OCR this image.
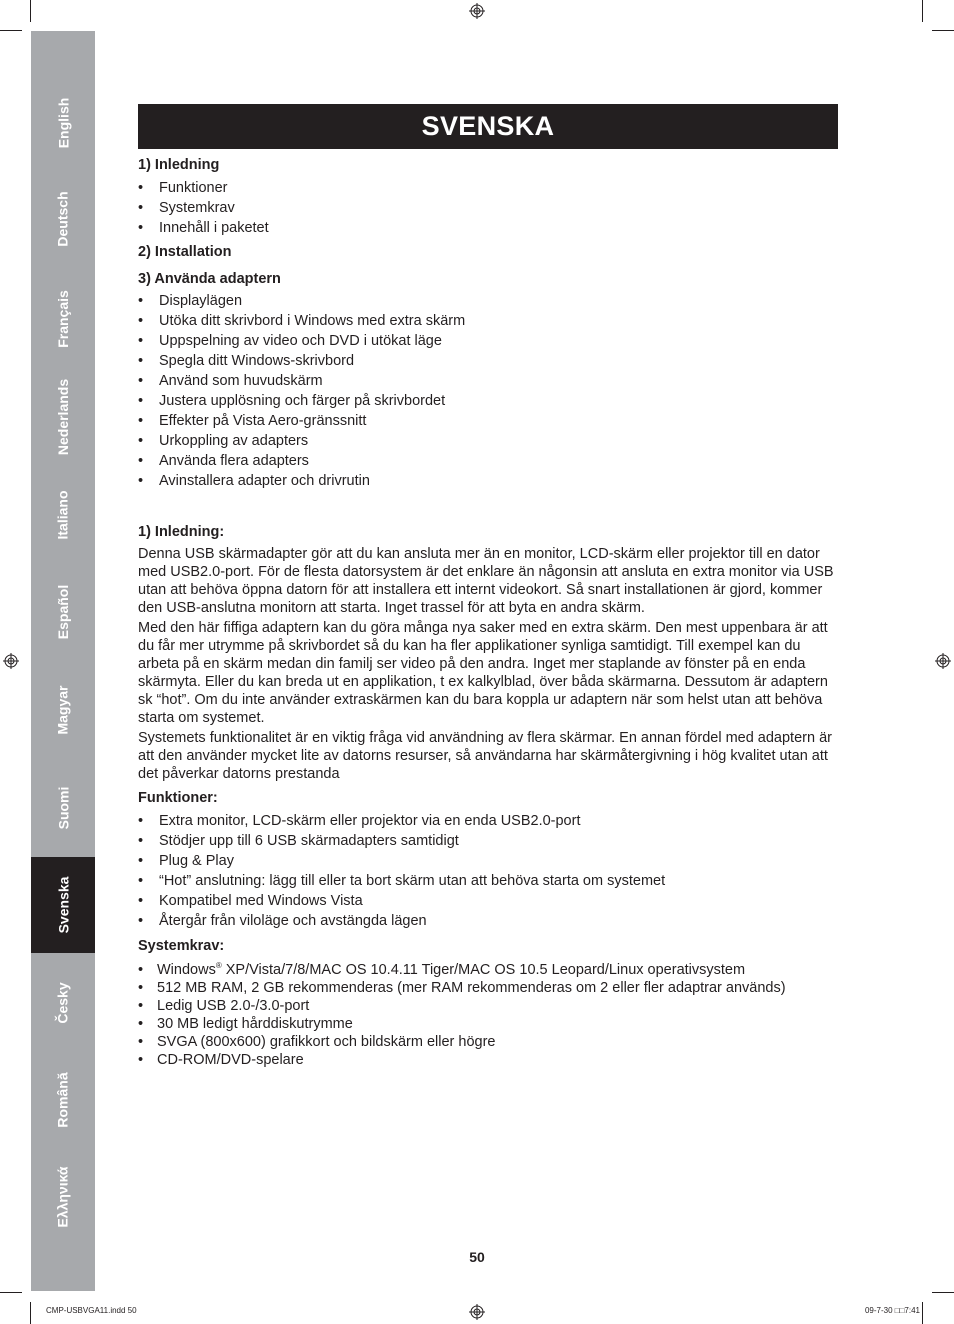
English
Deutsch
Français
Nederlands
Italiano
Español
Magyar
Suomi
Svenska
Česky
Română
Ελληνικά
SVENSKA

1) Inledning

• Funktioner
• Systemkrav
• Innehåll i paketet

2) Installation

3) Använda adaptern

• Displaylägen
• Utöka ditt skrivbord i Windows med extra skärm
• Uppspelning av video och DVD i utökat läge
• Spegla ditt Windows-skrivbord
• Använd som huvudskärm
• Justera upplösning och färger på skrivbordet
• Effekter på Vista Aero-gränssnitt
• Urkoppling av adapters
• Använda flera adapters
• Avinstallera adapter och drivrutin

1) Inledning:

Denna USB skärmadapter gör att du kan ansluta mer än en monitor, LCD-skärm eller projektor till en dator med USB2.0-port. För de flesta datorsystem är det enklare än någonsin att ansluta en extra monitor via USB utan att behöva öppna datorn för att installera ett internt videokort. Så snart installationen är gjord, kommer den USB-anslutna monitorn att starta. Inget trassel för att byta en andra skärm.

Med den här fiffiga adaptern kan du göra många nya saker med en extra skärm. Den mest uppenbara är att du får mer utrymme på skrivbordet så du kan ha fler applikationer synliga samtidigt. Till exempel kan du arbeta på en skärm medan din familj ser video på den andra. Inget mer staplande av fönster på en enda skärmyta. Eller du kan breda ut en applikation, t ex kalkylblad, över båda skärmarna. Dessutom är adaptern sk “hot”. Om du inte använder extraskärmen kan du bara koppla ur adaptern när som helst utan att behöva starta om systemet.

Systemets funktionalitet är en viktig fråga vid användning av flera skärmar. En annan fördel med adaptern är att den använder mycket lite av datorns resurser, så användarna har skärmåtergivning i hög kvalitet utan att det påverkar datorns prestanda

Funktioner:

• Extra monitor, LCD-skärm eller projektor via en enda USB2.0-port
• Stödjer upp till 6 USB skärmadapters samtidigt
• Plug & Play
• “Hot” anslutning: lägg till eller ta bort skärm utan att behöva starta om systemet
• Kompatibel med Windows Vista
• Återgår från viloläge och avstängda lägen

Systemkrav:

• Windows® XP/Vista/7/8/MAC OS 10.4.11 Tiger/MAC OS 10.5 Leopard/Linux operativsystem
• 512 MB RAM, 2 GB rekommenderas (mer RAM rekommenderas om 2 eller fler adaptrar används)
• Ledig USB 2.0-/3.0-port
• 30 MB ledigt hårddiskutrymme
• SVGA (800x600) grafikkort och bildskärm eller högre
• CD-ROM/DVD-spelare
50
CMP-USBVGA11.indd 50	09-7-30 □□7:41
